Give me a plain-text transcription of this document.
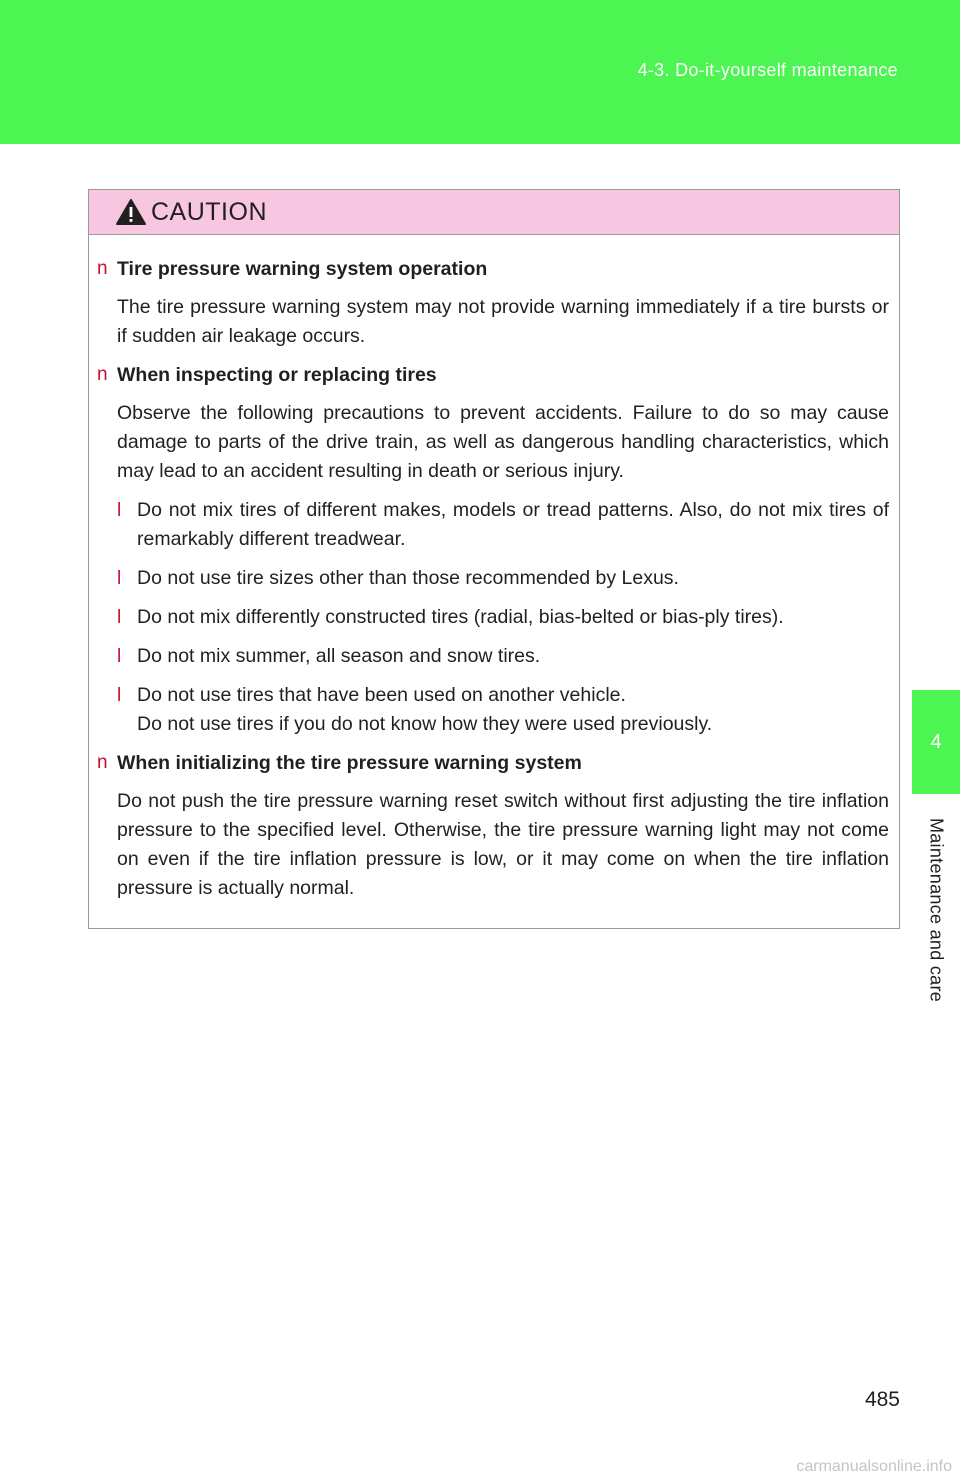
4-3. Do-it-yourself maintenance
4
Maintenance and care
CAUTION
n Tire pressure warning system operation
The tire pressure warning system may not provide warning immediately if a tire bursts or if sudden air leakage occurs.
n When inspecting or replacing tires
Observe the following precautions to prevent accidents. Failure to do so may cause damage to parts of the drive train, as well as dangerous handling characteristics, which may lead to an accident resulting in death or serious injury.
l Do not mix tires of different makes, models or tread patterns. Also, do not mix tires of remarkably different treadwear.
l Do not use tire sizes other than those recommended by Lexus.
l Do not mix differently constructed tires (radial, bias-belted or bias-ply tires).
l Do not mix summer, all season and snow tires.
l Do not use tires that have been used on another vehicle.
Do not use tires if you do not know how they were used previously.
n When initializing the tire pressure warning system
Do not push the tire pressure warning reset switch without first adjusting the tire inflation pressure to the specified level. Otherwise, the tire pressure warning light may not come on even if the tire inflation pressure is low, or it may come on when the tire inflation pressure is actually normal.
485
carmanualsonline.info
